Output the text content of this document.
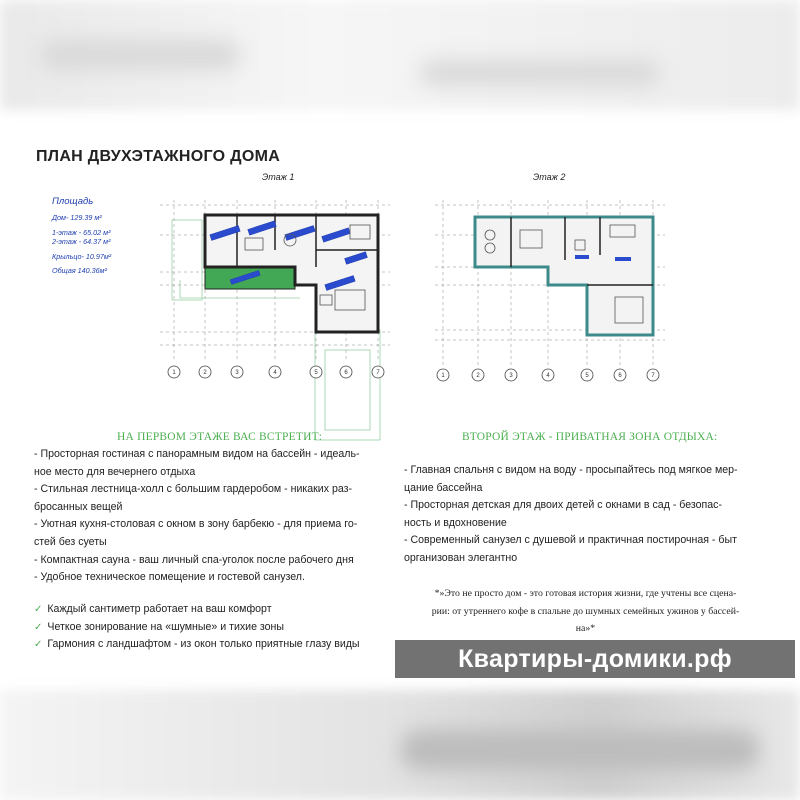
ПЛАН ДВУХЭТАЖНОГО ДОМА
Площадь
Дом- 129.39 м²
1-этаж - 65.02 м²
2-этаж - 64.37 м²
Крыльцо- 10.97м²
Общая 140.36м²
Этаж 1
1	2	3	4	5	6	7
Этаж 2
1	2	3	4	5	6	7
НА ПЕРВОМ ЭТАЖЕ ВАС ВСТРЕТИТ:	ВТОРОЙ ЭТАЖ - ПРИВАТНАЯ ЗОНА ОТДЫХА:
- Просторная гостиная с панорамным видом на бассейн - идеаль-
ное место для вечернего отдыха
- Стильная лестница-холл с большим гардеробом - никаких раз-
бросанных вещей
- Уютная кухня-столовая с окном в зону барбекю - для приема го-
стей без суеты
- Компактная сауна - ваш личный спа-уголок после рабочего дня
- Удобное техническое помещение и гостевой санузел.
✓ Каждый сантиметр работает на ваш комфорт
✓ Четкое зонирование на «шумные» и тихие зоны
✓ Гармония с ландшафтом - из окон только приятные глазу виды
- Главная спальня с видом на воду - просыпайтесь под мягкое мер-
цание бассейна
- Просторная детская для двоих детей с окнами в сад - безопас-
ность и вдохновение
- Современный санузел с душевой и практичная постирочная - быт
организован элегантно
*»Это не просто дом - это готовая история жизни, где учтены все сцена-
рии: от утреннего кофе в спальне до шумных семейных ужинов у бассей-
на»*
Квартиры-домики.рф
